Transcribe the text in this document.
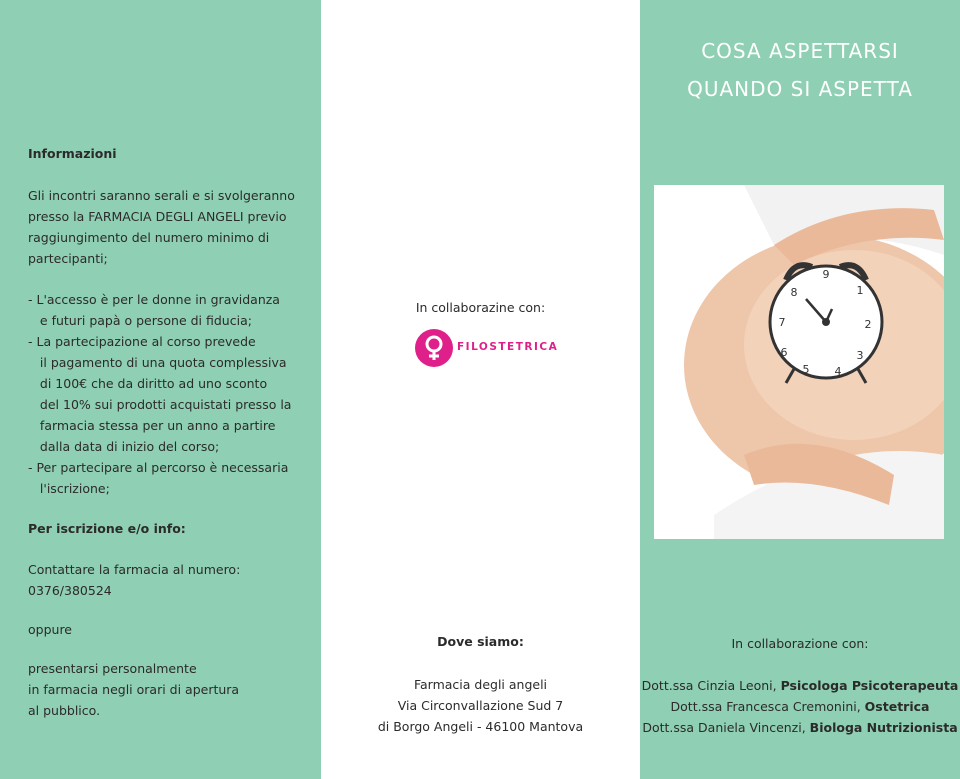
Informazioni
Gli incontri saranno serali e si svolgeranno
presso la FARMACIA DEGLI ANGELI previo
raggiungimento del numero minimo di
partecipanti;
- L'accesso è per le donne in gravidanza
e futuri papà o persone di fiducia;
- La partecipazione al corso prevede
il pagamento di una quota complessiva
di 100€ che da diritto ad uno sconto
del 10% sui prodotti acquistati presso la
farmacia stessa per un anno a partire
dalla data di inizio del corso;
- Per partecipare al percorso è necessaria
l'iscrizione;
Per iscrizione e/o info:
Contattare la farmacia al numero:
0376/380524
oppure
presentarsi personalmente
in farmacia negli orari di apertura
al pubblico.
In collaborazine con:
FILOSTETRICA
Dove siamo:
Farmacia degli angeli
Via Circonvallazione Sud 7
di Borgo Angeli - 46100 Mantova
COSA ASPETTARSI
QUANDO SI ASPETTA
9
1
2
3
4
5
6
7
8
In collaborazione con:
Dott.ssa Cinzia Leoni, Psicologa Psicoterapeuta
Dott.ssa Francesca Cremonini, Ostetrica
Dott.ssa Daniela Vincenzi, Biologa Nutrizionista
